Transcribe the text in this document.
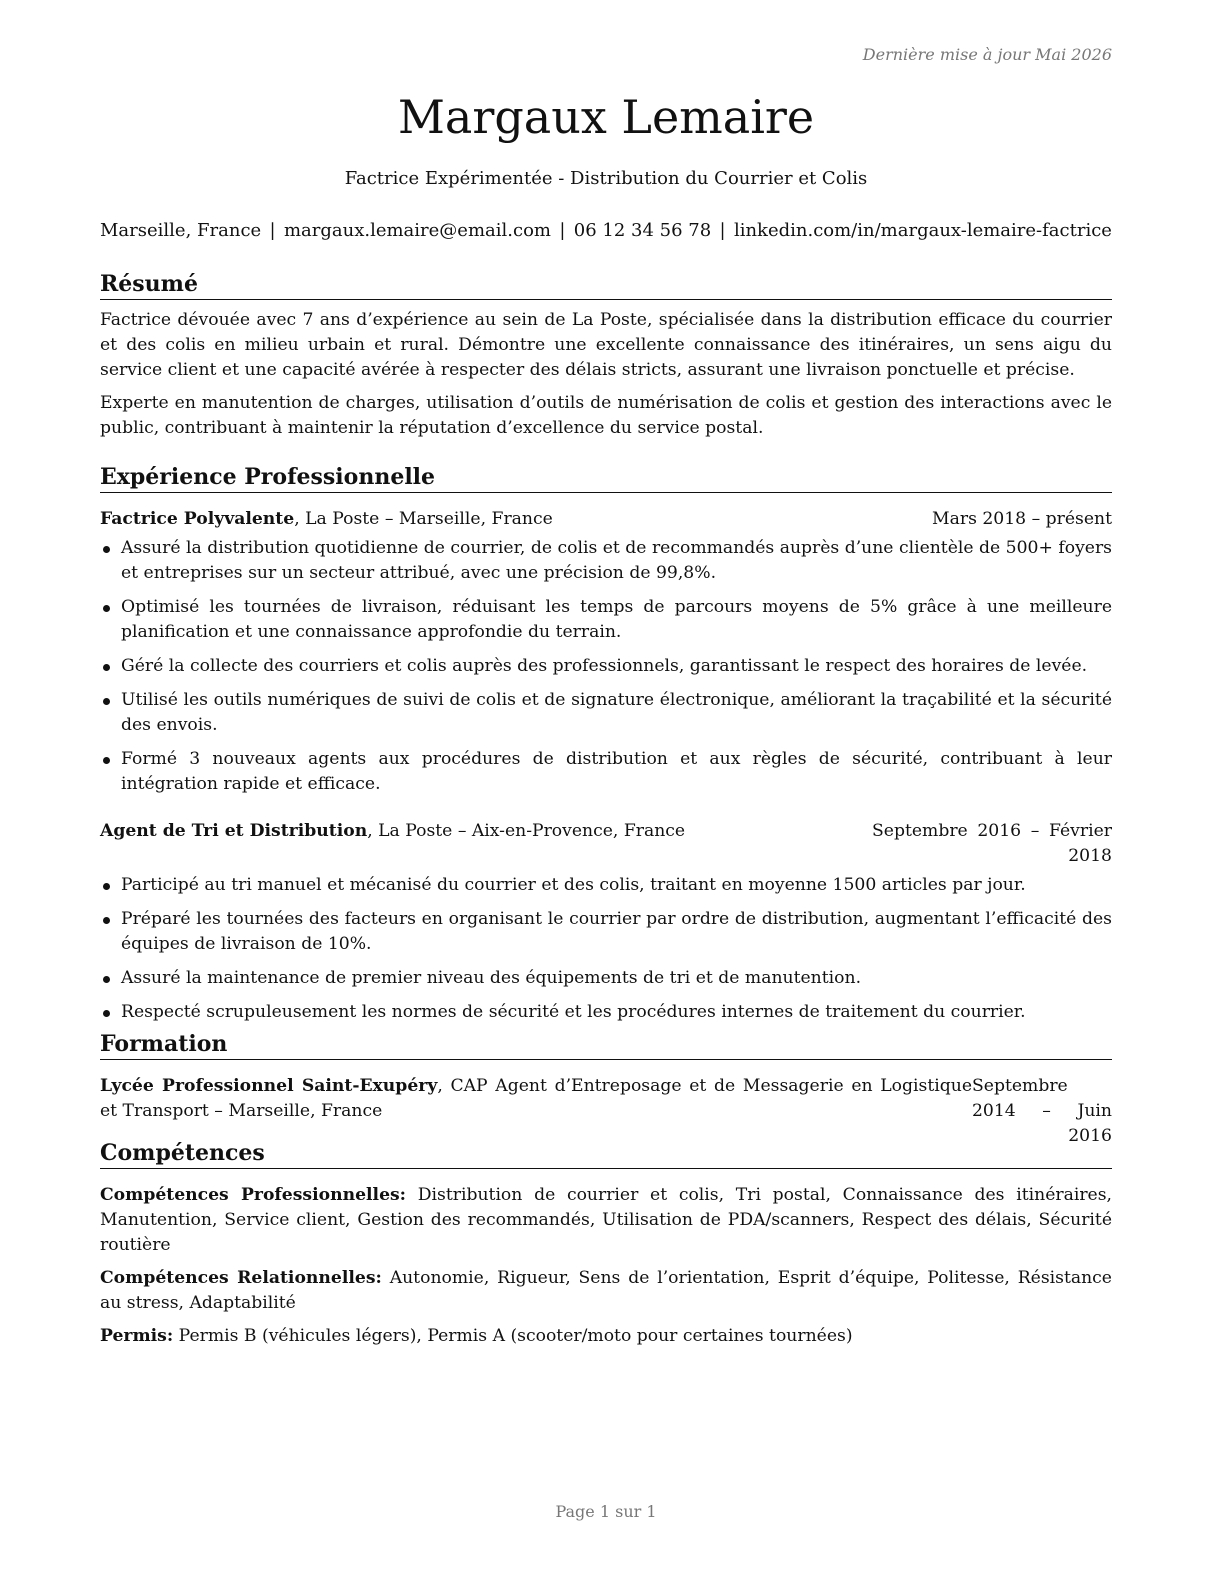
Dernière mise à jour Mai 2026
Margaux Lemaire
Factrice Expérimentée - Distribution du Courrier et Colis
Marseille, France | margaux.lemaire@email.com | 06 12 34 56 78 | linkedin.com/in/margaux-lemaire-factrice
Résumé

Factrice dévouée avec 7 ans d’expérience au sein de La Poste, spécialisée dans la distribution efficace du courrier et des colis en milieu urbain et rural. Démontre une excellente connaissance des itinéraires, un sens aigu du service client et une capacité avérée à respecter des délais stricts, assurant une livraison ponctuelle et précise.

Experte en manutention de charges, utilisation d’outils de numérisation de colis et gestion des interactions avec le public, contribuant à maintenir la réputation d’excellence du service postal.

Expérience Professionnelle
Factrice Polyvalente, La Poste – Marseille, France	Mars 2018 – présent
Assuré la distribution quotidienne de courrier, de colis et de recommandés auprès d’une clientèle de 500+ foyers et entreprises sur un secteur attribué, avec une précision de 99,8%.
Optimisé les tournées de livraison, réduisant les temps de parcours moyens de 5% grâce à une meilleure planification et une connaissance approfondie du terrain.
Géré la collecte des courriers et colis auprès des professionnels, garantissant le respect des horaires de levée.
Utilisé les outils numériques de suivi de colis et de signature électronique, améliorant la traçabilité et la sécurité des envois.
Formé 3 nouveaux agents aux procédures de distribution et aux règles de sécurité, contribuant à leur intégration rapide et efficace.
Agent de Tri et Distribution, La Poste – Aix-en-Provence, France	Septembre 2016 – Février 2018
Participé au tri manuel et mécanisé du courrier et des colis, traitant en moyenne 1500 articles par jour.
Préparé les tournées des facteurs en organisant le courrier par ordre de distribution, augmentant l’efficacité des équipes de livraison de 10%.
Assuré la maintenance de premier niveau des équipements de tri et de manutention.
Respecté scrupuleusement les normes de sécurité et les procédures internes de traitement du courrier.
Formation
Lycée Professionnel Saint-Exupéry, CAP Agent d’Entreposage et de Messagerie en Logistique et Transport – Marseille, France
Septembre 2014 – Juin 2016
Compétences

Compétences Professionnelles: Distribution de courrier et colis, Tri postal, Connaissance des itinéraires, Manutention, Service client, Gestion des recommandés, Utilisation de PDA/scanners, Respect des délais, Sécurité routière

Compétences Relationnelles: Autonomie, Rigueur, Sens de l’orientation, Esprit d’équipe, Politesse, Résistance au stress, Adaptabilité

Permis: Permis B (véhicules légers), Permis A (scooter/moto pour certaines tournées)

Page 1 sur 1
